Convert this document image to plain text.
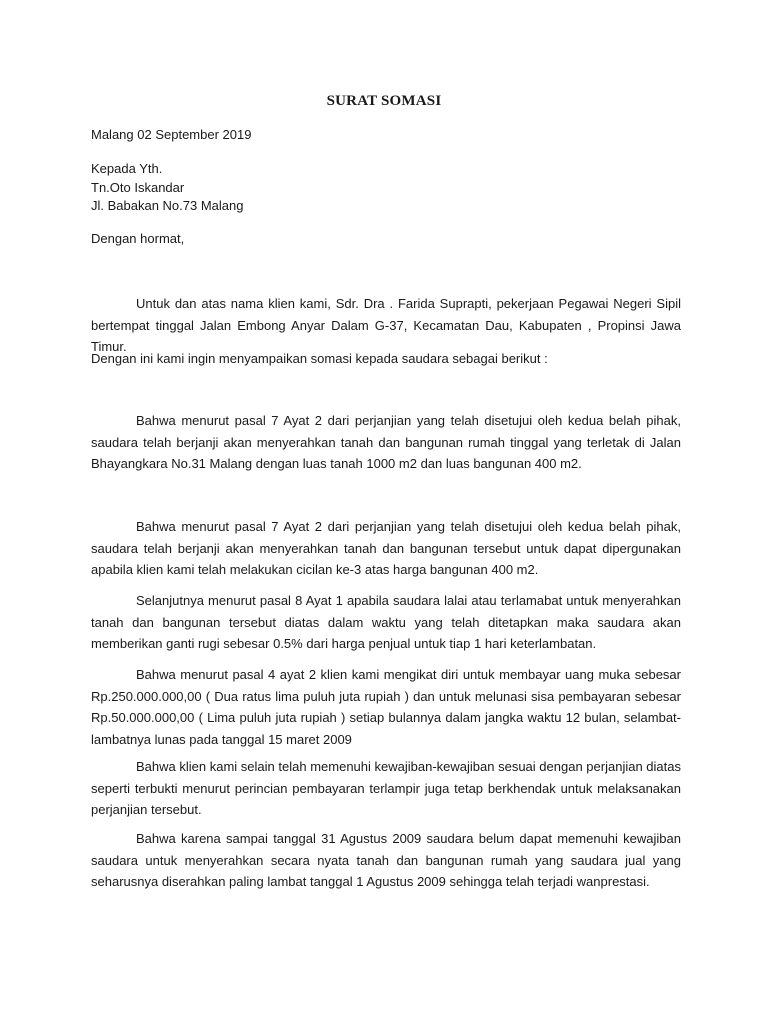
SURAT SOMASI
Malang 02 September 2019
Kepada Yth.
Tn.Oto Iskandar
Jl. Babakan No.73 Malang
Dengan hormat,
Untuk dan atas nama klien kami, Sdr. Dra . Farida Suprapti, pekerjaan Pegawai Negeri Sipil bertempat tinggal Jalan Embong Anyar Dalam G-37, Kecamatan Dau, Kabupaten , Propinsi Jawa Timur.
Dengan ini kami ingin menyampaikan somasi kepada saudara sebagai berikut :
Bahwa menurut pasal 7 Ayat 2 dari perjanjian yang telah disetujui oleh kedua belah pihak, saudara telah berjanji akan menyerahkan tanah dan bangunan rumah tinggal yang terletak di Jalan Bhayangkara No.31 Malang dengan luas tanah 1000 m2 dan luas bangunan 400 m2.
Bahwa menurut pasal 7 Ayat 2 dari perjanjian yang telah disetujui oleh kedua belah pihak, saudara telah berjanji akan menyerahkan tanah dan bangunan tersebut untuk dapat dipergunakan apabila klien kami telah melakukan cicilan ke-3 atas harga bangunan 400 m2.
Selanjutnya menurut pasal 8 Ayat 1 apabila saudara lalai atau terlamabat untuk menyerahkan tanah dan bangunan tersebut diatas dalam waktu yang telah ditetapkan maka saudara akan memberikan ganti rugi sebesar 0.5% dari harga penjual untuk tiap 1 hari keterlambatan.
Bahwa menurut pasal 4 ayat 2 klien kami mengikat diri untuk membayar uang muka sebesar Rp.250.000.000,00 ( Dua ratus lima puluh juta rupiah ) dan untuk melunasi sisa pembayaran sebesar Rp.50.000.000,00 ( Lima puluh juta rupiah ) setiap bulannya dalam jangka waktu 12 bulan, selambat-lambatnya lunas pada tanggal 15 maret 2009
Bahwa klien kami selain telah memenuhi kewajiban-kewajiban sesuai dengan perjanjian diatas seperti terbukti menurut perincian pembayaran terlampir juga tetap berkhendak untuk melaksanakan perjanjian tersebut.
Bahwa karena sampai tanggal 31 Agustus 2009 saudara belum dapat memenuhi kewajiban saudara untuk menyerahkan secara nyata tanah dan bangunan rumah yang saudara jual yang seharusnya diserahkan paling lambat tanggal 1 Agustus 2009 sehingga telah terjadi wanprestasi.
